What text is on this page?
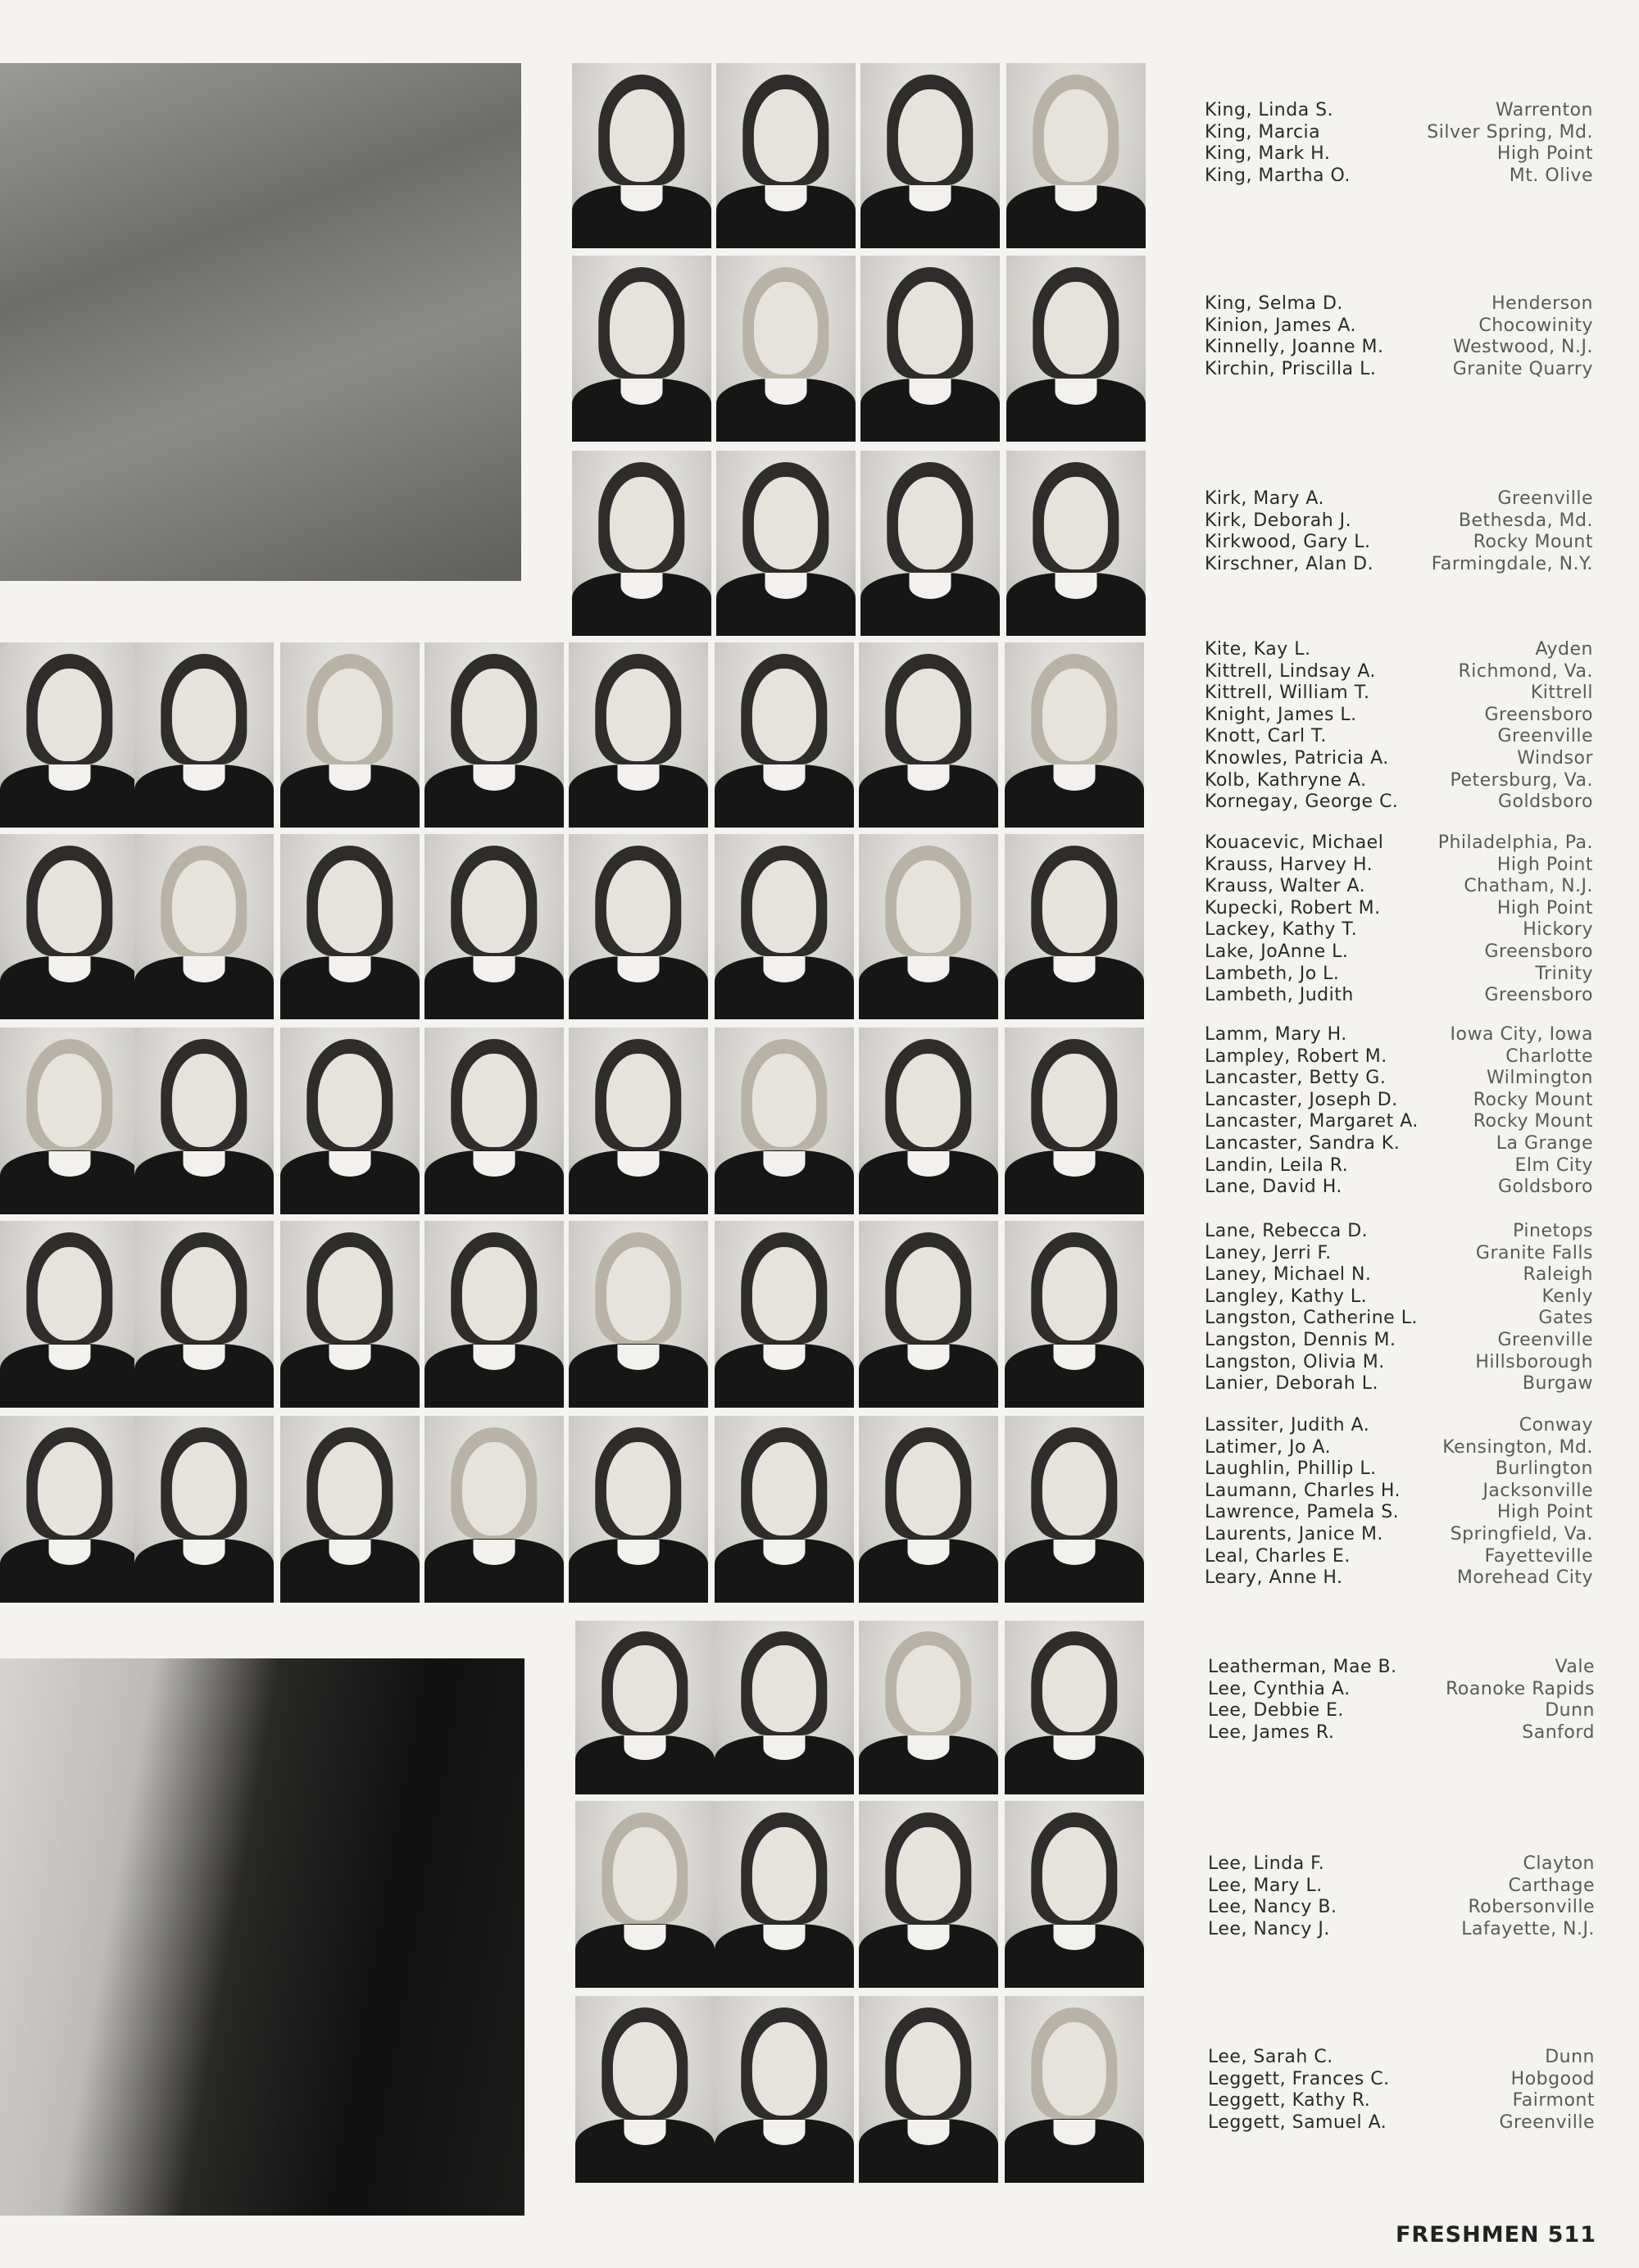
King, Linda S.	Warrenton
King, Marcia	Silver Spring, Md.
King, Mark H.	High Point
King, Martha O.	Mt. Olive
King, Selma D.	Henderson
Kinion, James A.	Chocowinity
Kinnelly, Joanne M.	Westwood, N.J.
Kirchin, Priscilla L.	Granite Quarry
Kirk, Mary A.	Greenville
Kirk, Deborah J.	Bethesda, Md.
Kirkwood, Gary L.	Rocky Mount
Kirschner, Alan D.	Farmingdale, N.Y.
Kite, Kay L.	Ayden
Kittrell, Lindsay A.	Richmond, Va.
Kittrell, William T.	Kittrell
Knight, James L.	Greensboro
Knott, Carl T.	Greenville
Knowles, Patricia A.	Windsor
Kolb, Kathryne A.	Petersburg, Va.
Kornegay, George C.	Goldsboro
Kouacevic, Michael	Philadelphia, Pa.
Krauss, Harvey H.	High Point
Krauss, Walter A.	Chatham, N.J.
Kupecki, Robert M.	High Point
Lackey, Kathy T.	Hickory
Lake, JoAnne L.	Greensboro
Lambeth, Jo L.	Trinity
Lambeth, Judith	Greensboro
Lamm, Mary H.	Iowa City, Iowa
Lampley, Robert M.	Charlotte
Lancaster, Betty G.	Wilmington
Lancaster, Joseph D.	Rocky Mount
Lancaster, Margaret A.	Rocky Mount
Lancaster, Sandra K.	La Grange
Landin, Leila R.	Elm City
Lane, David H.	Goldsboro
Lane, Rebecca D.	Pinetops
Laney, Jerri F.	Granite Falls
Laney, Michael N.	Raleigh
Langley, Kathy L.	Kenly
Langston, Catherine L.	Gates
Langston, Dennis M.	Greenville
Langston, Olivia M.	Hillsborough
Lanier, Deborah L.	Burgaw
Lassiter, Judith A.	Conway
Latimer, Jo A.	Kensington, Md.
Laughlin, Phillip L.	Burlington
Laumann, Charles H.	Jacksonville
Lawrence, Pamela S.	High Point
Laurents, Janice M.	Springfield, Va.
Leal, Charles E.	Fayetteville
Leary, Anne H.	Morehead City
Leatherman, Mae B.	Vale
Lee, Cynthia A.	Roanoke Rapids
Lee, Debbie E.	Dunn
Lee, James R.	Sanford
Lee, Linda F.	Clayton
Lee, Mary L.	Carthage
Lee, Nancy B.	Robersonville
Lee, Nancy J.	Lafayette, N.J.
Lee, Sarah C.	Dunn
Leggett, Frances C.	Hobgood
Leggett, Kathy R.	Fairmont
Leggett, Samuel A.	Greenville
FRESHMEN 511
